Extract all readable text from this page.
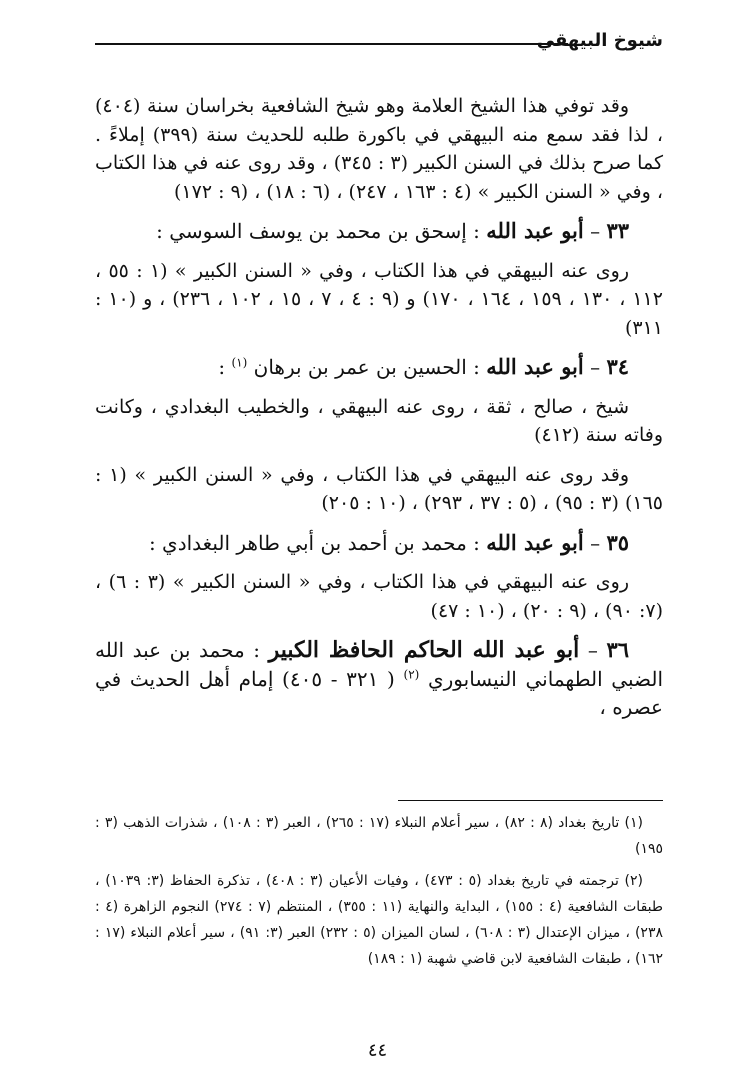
شيوخ البيهقي

وقد توفي هذا الشيخ العلامة وهو شيخ الشافعية بخراسان سنة (٤٠٤) ، لذا فقد سمع منه البيهقي في باكورة طلبه للحديث سنة (٣٩٩) إملاءً . كما صرح بذلك في السنن الكبير (٣ : ٣٤٥) ، وقد روى عنه في هذا الكتاب ، وفي « السنن الكبير » (٤ : ١٦٣ ، ٢٤٧) ، (٦ : ١٨) ، (٩ : ١٧٢)

٣٣ – أبو عبد الله : إسحق بن محمد بن يوسف السوسي :

روى عنه البيهقي في هذا الكتاب ، وفي « السنن الكبير » (١ : ٥٥ ، ١١٢ ، ١٣٠ ، ١٥٩ ، ١٦٤ ، ١٧٠) و (٩ : ٤ ، ٧ ، ١٥ ، ١٠٢ ، ٢٣٦) ، و (١٠ : ٣١١)

٣٤ – أبو عبد الله : الحسين بن عمر بن برهان $^{(١)}$ :

شيخ ، صالح ، ثقة ، روى عنه البيهقي ، والخطيب البغدادي ، وكانت وفاته سنة (٤١٢)

وقد روى عنه البيهقي في هذا الكتاب ، وفي « السنن الكبير » (١ : ١٦٥) (٣ : ٩٥) ، (٥ : ٣٧ ، ٢٩٣) ، (١٠ : ٢٠٥)

٣٥ – أبو عبد الله : محمد بن أحمد بن أبي طاهر البغدادي :

روى عنه البيهقي في هذا الكتاب ، وفي « السنن الكبير » (٣ : ٦) ، (٧: ٩٠) ، (٩ : ٢٠) ، (١٠ : ٤٧)

٣٦ – أبو عبد الله الحاكم الحافظ الكبير : محمد بن عبد الله الضبي الطهماني النيسابوري $^{(٢)}$ ( ٣٢١ - ٤٠٥) إمام أهل الحديث في عصره ،

(١) تاريخ بغداد (٨ : ٨٢) ، سير أعلام النبلاء (١٧ : ٢٦٥) ، العبر (٣ : ١٠٨) ، شذرات الذهب (٣ : ١٩٥)

(٢) ترجمته في تاريخ بغداد (٥ : ٤٧٣) ، وفيات الأعيان (٣ : ٤٠٨) ، تذكرة الحفاظ (٣: ١٠٣٩) ، طبقات الشافعية (٤ : ١٥٥) ، البداية والنهاية (١١ : ٣٥٥) ، المنتظم (٧ : ٢٧٤) النجوم الزاهرة (٤ : ٢٣٨) ، ميزان الإعتدال (٣ : ٦٠٨) ، لسان الميزان (٥ : ٢٣٢) العبر (٣: ٩١) ، سير أعلام النبلاء (١٧ : ١٦٢) ، طبقات الشافعية لابن قاضي شهبة (١ : ١٨٩)

٤٤
